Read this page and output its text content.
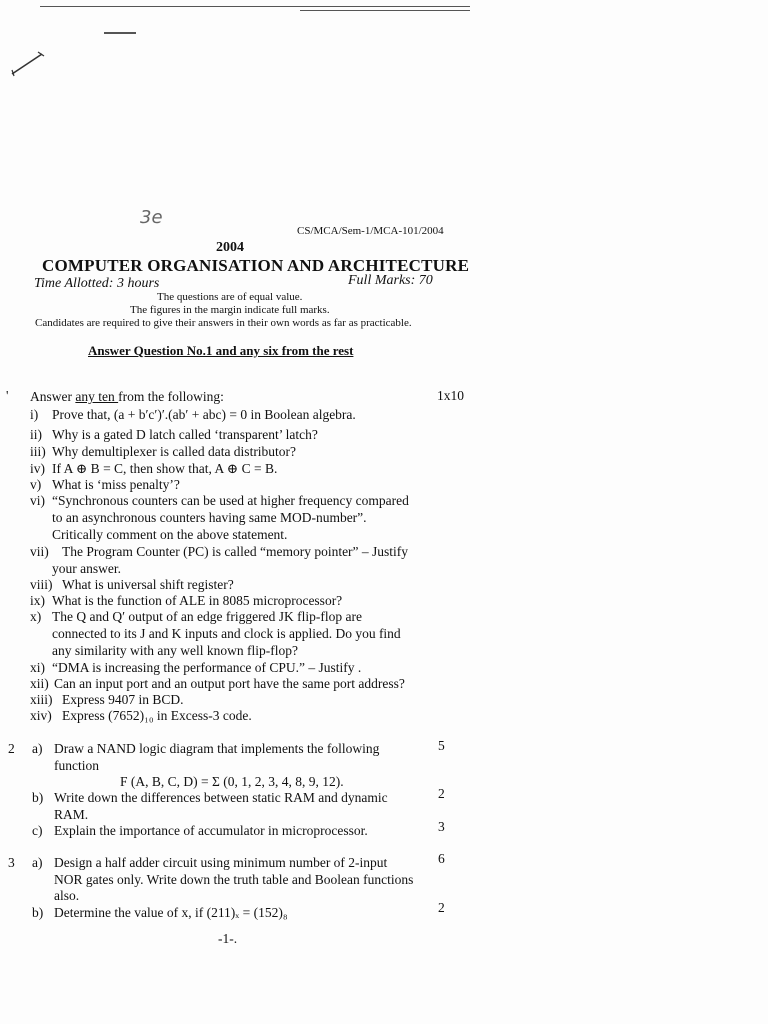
3e
CS/MCA/Sem-1/MCA-101/2004
2004
COMPUTER ORGANISATION AND ARCHITECTURE
Time Allotted: 3 hours	Full Marks: 70
The questions are of equal value.
The figures in the margin indicate full marks.
Candidates are required to give their answers in their own words as far as practicable.
Answer Question No.1 and any six from the rest
' Answer any ten from the following:	1x10
i) Prove that, (a + b′c′)′.(ab′ + abc) = 0 in Boolean algebra.
ii) Why is a gated D latch called ‘transparent’ latch?
iii) Why demultiplexer is called data distributor?
iv) If A ⊕ B = C, then show that, A ⊕ C = B.
v) What is ‘miss penalty’?
vi) “Synchronous counters can be used at higher frequency compared
to an asynchronous counters having same MOD-number”.
Critically comment on the above statement.
vii) The Program Counter (PC) is called “memory pointer” – Justify
your answer.
viii) What is universal shift register?
ix) What is the function of ALE in 8085 microprocessor?
x) The Q and Q′ output of an edge friggered JK flip-flop are
connected to its J and K inputs and clock is applied. Do you find
any similarity with any well known flip-flop?
xi) “DMA is increasing the performance of CPU.” – Justify .
xii) Can an input port and an output port have the same port address?
xiii) Express 9407 in BCD.
xiv) Express (7652)₁₀ in Excess-3 code.
2 a) Draw a NAND logic diagram that implements the following
function
F (A, B, C, D) = Σ (0, 1, 2, 3, 4, 8, 9, 12).
5
b) Write down the differences between static RAM and dynamic
RAM.
2
c) Explain the importance of accumulator in microprocessor.	3
3 a) Design a half adder circuit using minimum number of 2-input
NOR gates only. Write down the truth table and Boolean functions
also.
6
b) Determine the value of x, if (211)ₓ = (152)₈	2
-1-.
